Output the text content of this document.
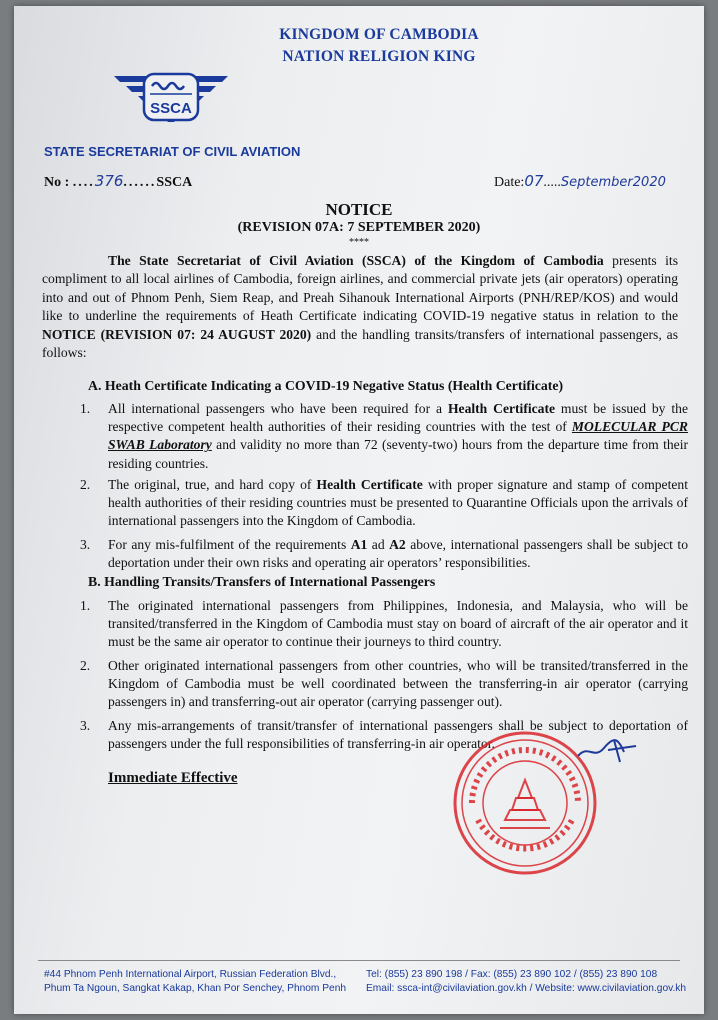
KINGDOM OF CAMBODIA
NATION RELIGION KING
SSCA
STATE SECRETARIAT OF CIVIL AVIATION
No : ....376......SSCA	Date:07.....September2020
NOTICE
(REVISION 07A: 7 SEPTEMBER 2020)
****
The State Secretariat of Civil Aviation (SSCA) of the Kingdom of Cambodia presents its compliment to all local airlines of Cambodia, foreign airlines, and commercial private jets (air operators) operating into and out of Phnom Penh, Siem Reap, and Preah Sihanouk International Airports (PNH/REP/KOS) and would like to underline the requirements of Heath Certificate indicating COVID-19 negative status in relation to the NOTICE (REVISION 07: 24 AUGUST 2020) and the handling transits/transfers of international passengers, as follows:
A. Heath Certificate Indicating a COVID-19 Negative Status (Health Certificate)
1. All international passengers who have been required for a Health Certificate must be issued by the respective competent health authorities of their residing countries with the test of MOLECULAR PCR SWAB Laboratory and validity no more than 72 (seventy-two) hours from the departure time from their residing countries.
2. The original, true, and hard copy of Health Certificate with proper signature and stamp of competent health authorities of their residing countries must be presented to Quarantine Officials upon the arrivals of international passengers into the Kingdom of Cambodia.
3. For any mis-fulfilment of the requirements A1 ad A2 above, international passengers shall be subject to deportation under their own risks and operating air operators’ responsibilities.
B. Handling Transits/Transfers of International Passengers
1. The originated international passengers from Philippines, Indonesia, and Malaysia, who will be transited/transferred in the Kingdom of Cambodia must stay on board of aircraft of the air operator and it must be the same air operator to continue their journeys to third country.
2. Other originated international passengers from other countries, who will be transited/transferred in the Kingdom of Cambodia must be well coordinated between the transferring-in air operator (carrying passengers in) and transferring-out air operator (carrying passenger out).
3. Any mis-arrangements of transit/transfer of international passengers shall be subject to deportation of passengers under the full responsibilities of transferring-in air operator.
Immediate Effective
#44 Phnom Penh International Airport, Russian Federation Blvd.,
Phum Ta Ngoun, Sangkat Kakap, Khan Por Senchey, Phnom Penh
Tel: (855) 23 890 198 / Fax: (855) 23 890 102 / (855) 23 890 108
Email: ssca-int@civilaviation.gov.kh / Website: www.civilaviation.gov.kh
